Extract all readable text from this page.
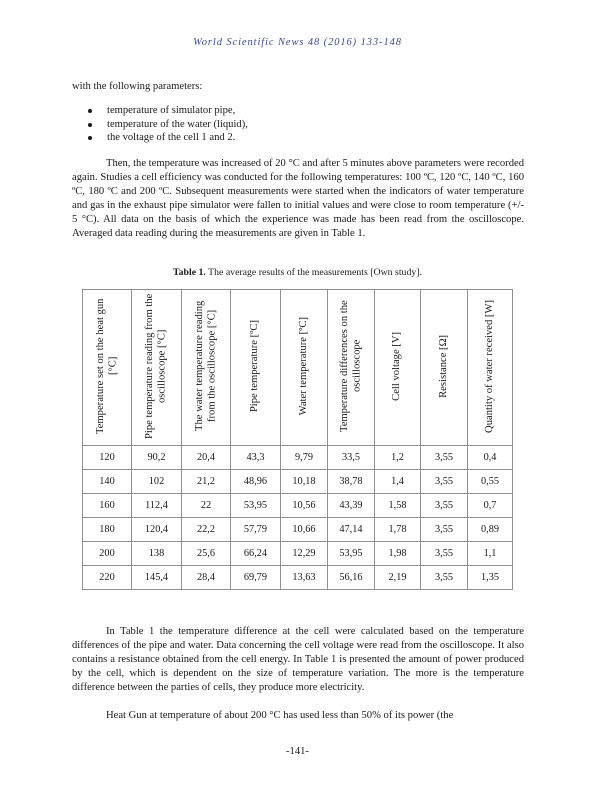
World Scientific News 48 (2016) 133-148

with the following parameters:

temperature of simulator pipe,
temperature of the water (liquid),
the voltage of the cell 1 and 2.

Then, the temperature was increased of 20 °C and after 5 minutes above parameters were recorded again. Studies a cell efficiency was conducted for the following temperatures: 100 ºC, 120 ºC, 140 ºC, 160 ºC, 180 ºC and 200 ºC. Subsequent measurements were started when the indicators of water temperature and gas in the exhaust pipe simulator were fallen to initial values and were close to room temperature (+/- 5 °C). All data on the basis of which the experience was made has been read from the oscilloscope. Averaged data reading during the measurements are given in Table 1.

Table 1. The average results of the measurements [Own study].
Temperature set on the heat gun [°C]	Pipe temperature reading from the oscilloscope [°C]	The water temperature reading from the oscilloscope [°C]	Pipe temperature [ºC]	Water temperature [ºC]	Temperature differences on the oscilloscope	Cell voltage [V]	Resistance [Ω]	Quantity of water received [W]
120	90,2	20,4	43,3	9,79	33,5	1,2	3,55	0,4
140	102	21,2	48,96	10,18	38,78	1,4	3,55	0,55
160	112,4	22	53,95	10,56	43,39	1,58	3,55	0,7
180	120,4	22,2	57,79	10,66	47,14	1,78	3,55	0,89
200	138	25,6	66,24	12,29	53,95	1,98	3,55	1,1
220	145,4	28,4	69,79	13,63	56,16	2,19	3,55	1,35

In Table 1 the temperature difference at the cell were calculated based on the temperature differences of the pipe and water. Data concerning the cell voltage were read from the oscilloscope. It also contains a resistance obtained from the cell energy. In Table 1 is presented the amount of power produced by the cell, which is dependent on the size of temperature variation. The more is the temperature difference between the parties of cells, they produce more electricity.

Heat Gun at temperature of about 200 °C has used less than 50% of its power (the

-141-
